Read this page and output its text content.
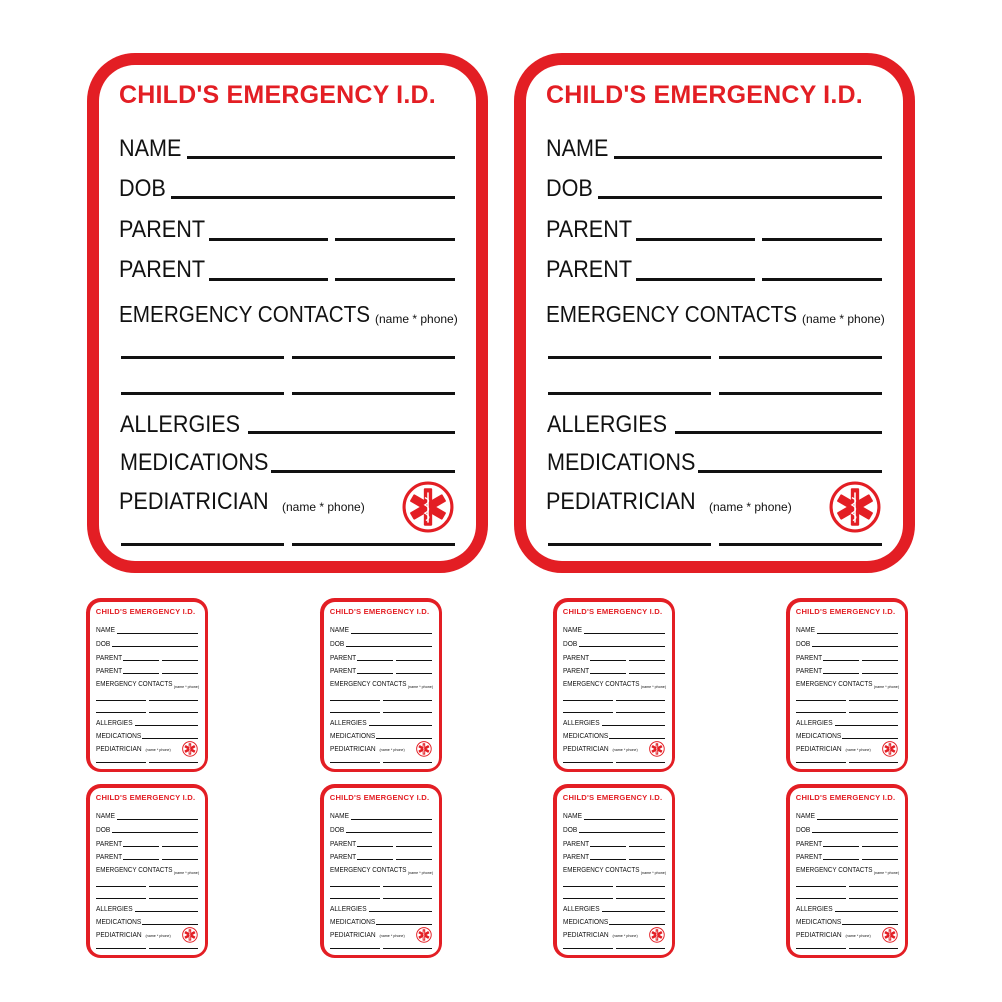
CHILD'S EMERGENCY I.D.
NAME
DOB
PARENT
PARENT
EMERGENCY CONTACTS (name * phone)
ALLERGIES
MEDICATIONS
PEDIATRICIAN (name * phone)
CHILD'S EMERGENCY I.D.
NAME
DOB
PARENT
PARENT
EMERGENCY CONTACTS (name * phone)
ALLERGIES
MEDICATIONS
PEDIATRICIAN (name * phone)
CHILD'S EMERGENCY I.D.
NAME
DOB
PARENT
PARENT
EMERGENCY CONTACTS (name * phone)
ALLERGIES
MEDICATIONS
PEDIATRICIAN (name * phone)
CHILD'S EMERGENCY I.D.
NAME
DOB
PARENT
PARENT
EMERGENCY CONTACTS (name * phone)
ALLERGIES
MEDICATIONS
PEDIATRICIAN (name * phone)
CHILD'S EMERGENCY I.D.
NAME
DOB
PARENT
PARENT
EMERGENCY CONTACTS (name * phone)
ALLERGIES
MEDICATIONS
PEDIATRICIAN (name * phone)
CHILD'S EMERGENCY I.D.
NAME
DOB
PARENT
PARENT
EMERGENCY CONTACTS (name * phone)
ALLERGIES
MEDICATIONS
PEDIATRICIAN (name * phone)
CHILD'S EMERGENCY I.D.
NAME
DOB
PARENT
PARENT
EMERGENCY CONTACTS (name * phone)
ALLERGIES
MEDICATIONS
PEDIATRICIAN (name * phone)
CHILD'S EMERGENCY I.D.
NAME
DOB
PARENT
PARENT
EMERGENCY CONTACTS (name * phone)
ALLERGIES
MEDICATIONS
PEDIATRICIAN (name * phone)
CHILD'S EMERGENCY I.D.
NAME
DOB
PARENT
PARENT
EMERGENCY CONTACTS (name * phone)
ALLERGIES
MEDICATIONS
PEDIATRICIAN (name * phone)
CHILD'S EMERGENCY I.D.
NAME
DOB
PARENT
PARENT
EMERGENCY CONTACTS (name * phone)
ALLERGIES
MEDICATIONS
PEDIATRICIAN (name * phone)
